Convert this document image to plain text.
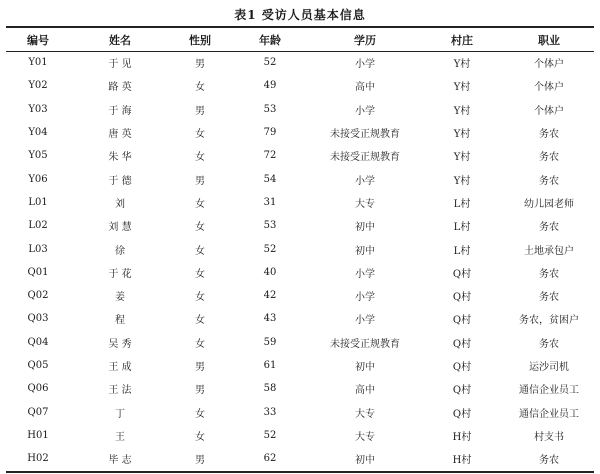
表1 受访人员基本信息
编号	姓名	性别	年龄	学历	村庄	职业
Y01	于 见	男	52	小学	Y村	个体户
Y02	路 英	女	49	高中	Y村	个体户
Y03	于 海	男	53	小学	Y村	个体户
Y04	唐 英	女	79	未接受正规教育	Y村	务农
Y05	朱 华	女	72	未接受正规教育	Y村	务农
Y06	于 德	男	54	小学	Y村	务农
L01	刘	女	31	大专	L村	幼儿园老师
L02	刘 慧	女	53	初中	L村	务农
L03	徐	女	52	初中	L村	土地承包户
Q01	于 花	女	40	小学	Q村	务农
Q02	姜	女	42	小学	Q村	务农
Q03	程	女	43	小学	Q村	务农，贫困户
Q04	吴 秀	女	59	未接受正规教育	Q村	务农
Q05	王 成	男	61	初中	Q村	运沙司机
Q06	王 法	男	58	高中	Q村	通信企业员工
Q07	丁	女	33	大专	Q村	通信企业员工
H01	王	女	52	大专	H村	村支书
H02	毕 志	男	62	初中	H村	务农
